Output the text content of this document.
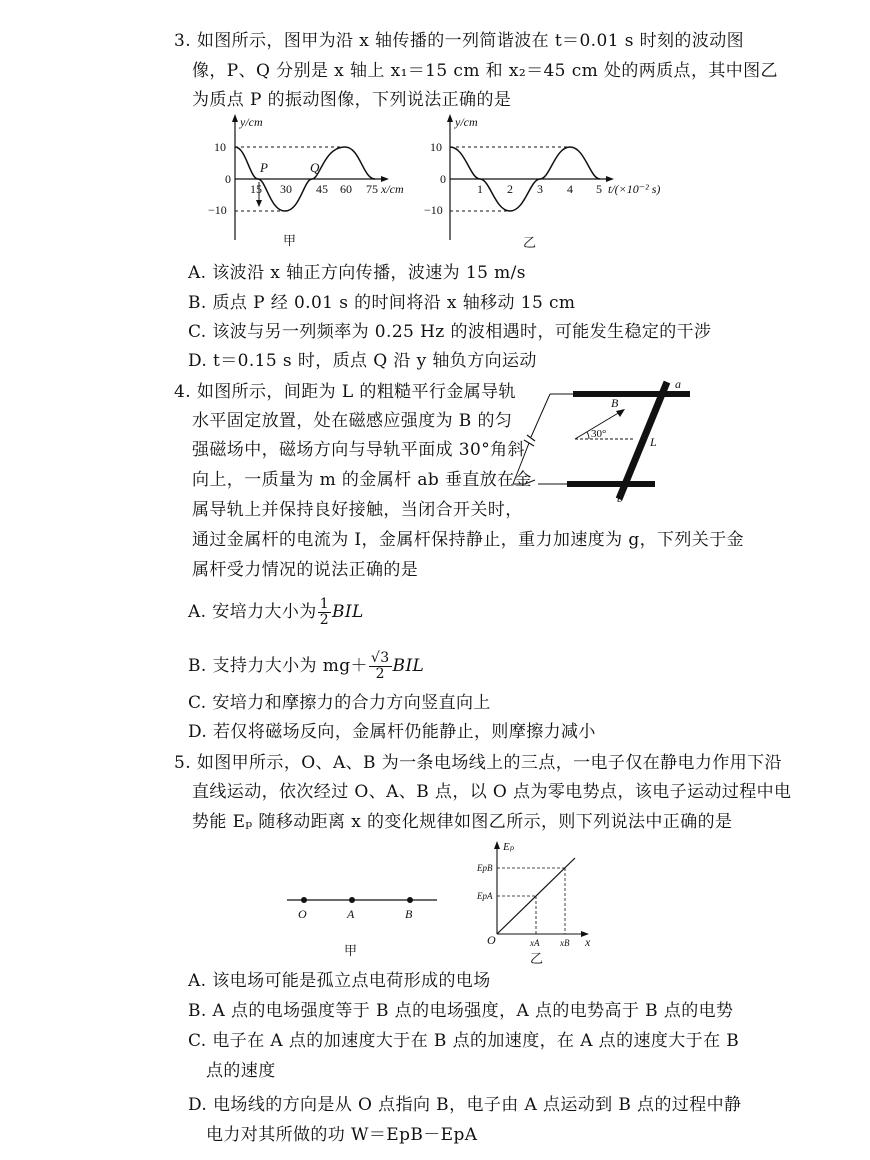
3. 如图所示，图甲为沿 x 轴传播的一列简谐波在 t＝0.01 s 时刻的波动图
像，P、Q 分别是 x 轴上 x₁＝15 cm 和 x₂＝45 cm 处的两质点，其中图乙
为质点 P 的振动图像，下列说法正确的是
y/cm
x/cm
10
−10
0
15 30 45 60 75
P	Q
甲
y/cm
t/(×10⁻² s)
10
−10
0
1 2 3 4 5
乙
A. 该波沿 x 轴正方向传播，波速为 15 m/s
B. 质点 P 经 0.01 s 的时间将沿 x 轴移动 15 cm
C. 该波与另一列频率为 0.25 Hz 的波相遇时，可能发生稳定的干涉
D. t＝0.15 s 时，质点 Q 沿 y 轴负方向运动
4. 如图所示，间距为 L 的粗糙平行金属导轨
水平固定放置，处在磁感应强度为 B 的匀
强磁场中，磁场方向与导轨平面成 30°角斜
向上，一质量为 m 的金属杆 ab 垂直放在金
属导轨上并保持良好接触，当闭合开关时，
通过金属杆的电流为 I，金属杆保持静止，重力加速度为 g，下列关于金
属杆受力情况的说法正确的是
a
b
B
30°
L
A. 安培力大小为 $\frac{1}{2}$ BIL
B. 支持力大小为 $mg+ \frac{√3}{2}$ BIL
C. 安培力和摩擦力的合力方向竖直向上
D. 若仅将磁场反向，金属杆仍能静止，则摩擦力减小
5. 如图甲所示，O、A、B 为一条电场线上的三点，一电子仅在静电力作用下沿
直线运动，依次经过 O、A、B 点，以 O 点为零电势点，该电子运动过程中电
势能 Eₚ 随移动距离 x 的变化规律如图乙所示，则下列说法中正确的是
O	A	B
甲
Eₚ
EpB
EpA
O	xA xB x
乙
A. 该电场可能是孤立点电荷形成的电场
B. A 点的电场强度等于 B 点的电场强度，A 点的电势高于 B 点的电势
C. 电子在 A 点的加速度大于在 B 点的加速度，在 A 点的速度大于在 B
点的速度
D. 电场线的方向是从 O 点指向 B，电子由 A 点运动到 B 点的过程中静
电力对其所做的功 W＝EpB－EpA
